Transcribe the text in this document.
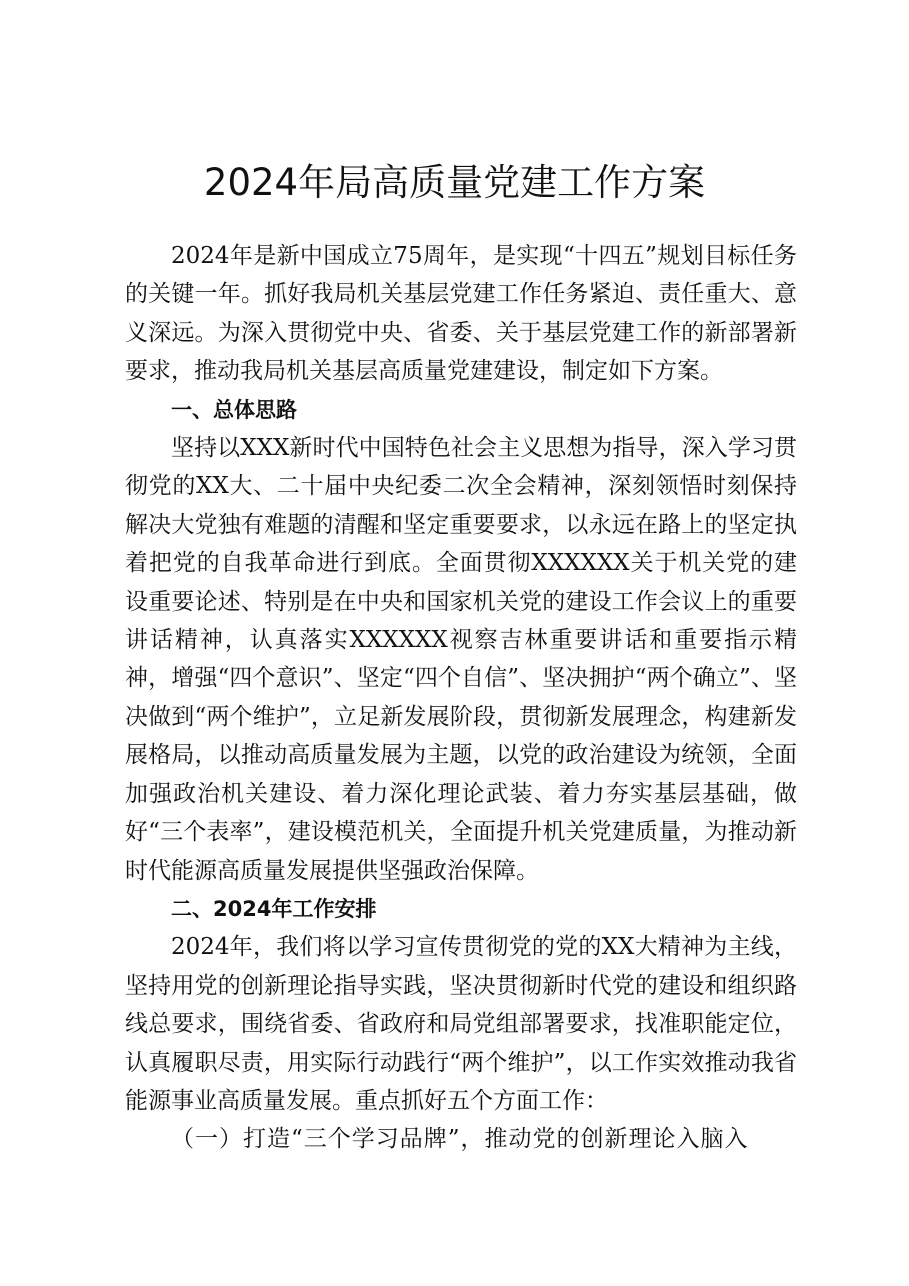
2024年局高质量党建工作方案

2024年是新中国成立75周年，是实现“十四五”规划目标任务的关键一年。抓好我局机关基层党建工作任务紧迫、责任重大、意义深远。为深入贯彻党中央、省委、关于基层党建工作的新部署新要求，推动我局机关基层高质量党建建设，制定如下方案。

一、总体思路

坚持以XXX新时代中国特色社会主义思想为指导，深入学习贯彻党的XX大、二十届中央纪委二次全会精神，深刻领悟时刻保持解决大党独有难题的清醒和坚定重要要求，以永远在路上的坚定执着把党的自我革命进行到底。全面贯彻XXXXXX关于机关党的建设重要论述、特别是在中央和国家机关党的建设工作会议上的重要讲话精神，认真落实XXXXXX视察吉林重要讲话和重要指示精神，增强“四个意识”、坚定“四个自信”、坚决拥护“两个确立”、坚决做到“两个维护”，立足新发展阶段，贯彻新发展理念，构建新发展格局，以推动高质量发展为主题，以党的政治建设为统领，全面加强政治机关建设、着力深化理论武装、着力夯实基层基础，做好“三个表率”，建设模范机关，全面提升机关党建质量，为推动新时代能源高质量发展提供坚强政治保障。

二、2024年工作安排

2024年，我们将以学习宣传贯彻党的党的XX大精神为主线，坚持用党的创新理论指导实践，坚决贯彻新时代党的建设和组织路线总要求，围绕省委、省政府和局党组部署要求，找准职能定位，认真履职尽责，用实际行动践行“两个维护”，以工作实效推动我省能源事业高质量发展。重点抓好五个方面工作：

（一）打造“三个学习品牌”，推动党的创新理论入脑入
